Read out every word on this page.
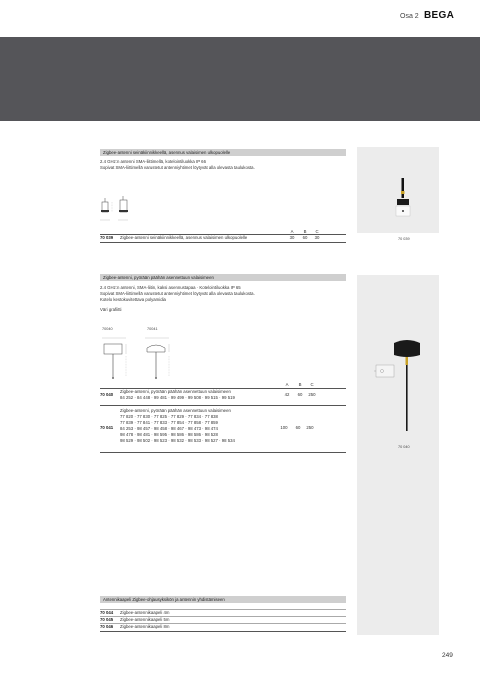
Osa 2 BEGA
Zigbee-antenni seinäkiinnikkeellä, asennus valaisimen ulkopuolelle
2.4 GHz:n antenni SMA-liittimellä, kotelointiluokka IP 66
Sopivat SMA-liittimellä varustetut antenniyhtimet löytyvät alla olevasta taulukosta.
A	B	C
70 039 Zigbee-antenni seinäkiinnikkeellä, asennus valaisimen ulkopuolelle	30	60	30	70 039
Zigbee-antenni, pyörään päähän asennettuun valaisimeen
2.4 GHz:n antenni, SMA-liitin, kaksi asennustapaa · Kotelointiluokka IP 65
Sopivat SMA-liittimellä varustetut antenniyhtimet löytyvät alla olevasta taulukosta.
Kotelo kestokuvitettava polyamidia
Väri grafiitti
70040	70041
A	B	C
70 040
Zigbee-antenni, pyörään päähän asennettuun valaisimeen
84 252 · 84 448 · 99 481 · 99 499 · 99 508 · 99 515 · 99 519
42	60	250
70 041
Zigbee-antenni, pyörään päähän asennettuun valaisimeen
77 820 · 77 830 · 77 825 · 77 829 · 77 834 · 77 838
77 839 · 77 841 · 77 833 · 77 854 · 77 858 · 77 859
84 253 · 98 457 · 98 458 · 98 467 · 98 473 · 98 474
98 478 · 98 481 · 98 595 · 98 586 · 98 586 · 98 528
98 529 · 98 502 · 98 523 · 98 532 · 98 533 · 98 527 · 98 534
100	60	250
70 040
Antennikaapeli Zigbee-ohjausyksikön ja antennin yhdistämiseen
70 044 Zigbee-antennikaapeli 4m
70 045 Zigbee-antennikaapeli 5m
70 046 Zigbee-antennikaapeli 8m
249
